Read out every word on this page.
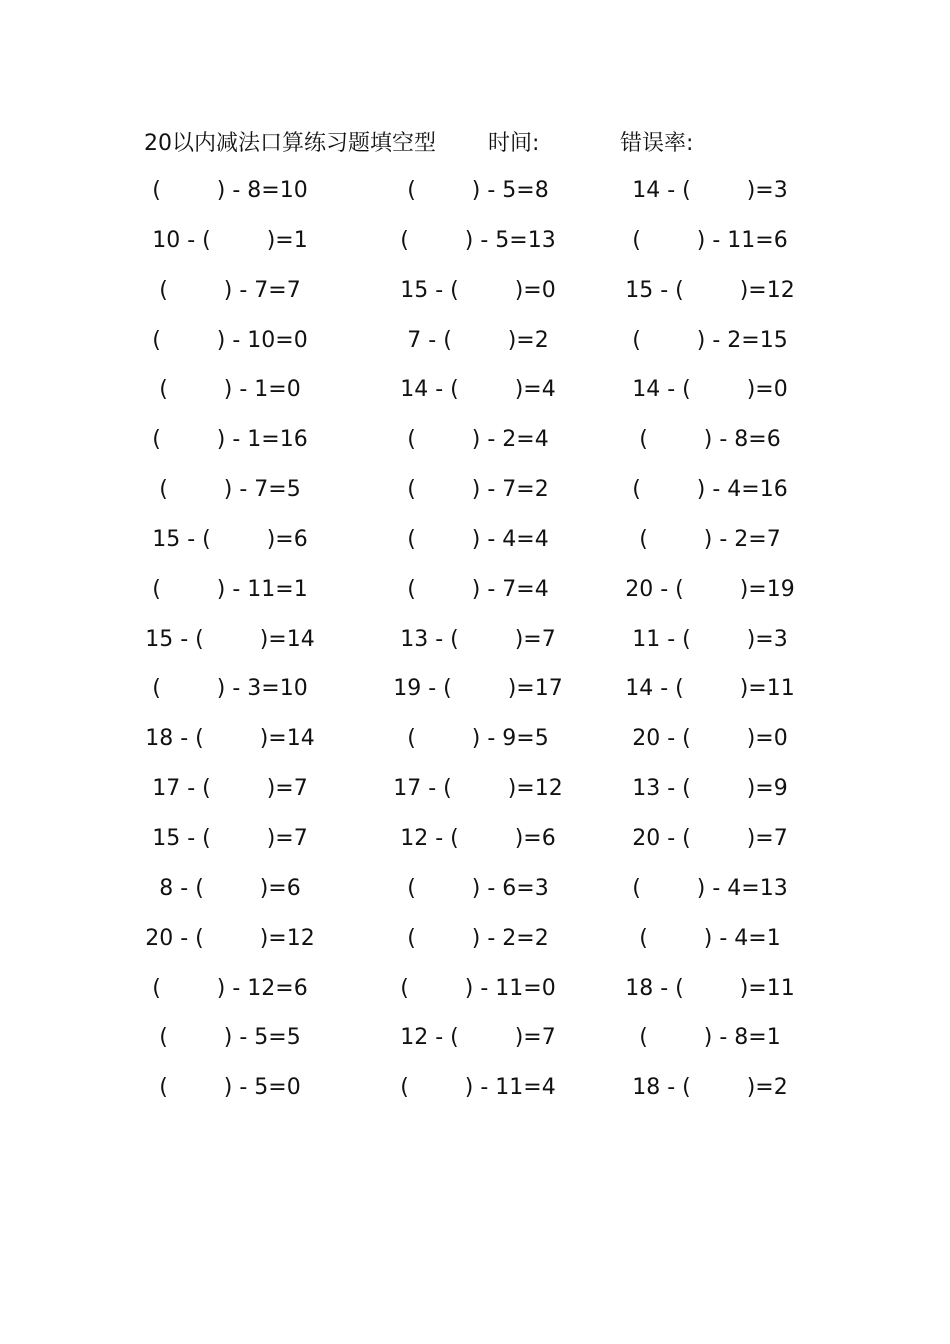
20以内减法口算练习题填空型 时间:	错误率:
(        ) - 8=10	(        ) - 5=8	14 - (        )=3
10 - (        )=1	(        ) - 5=13	(        ) - 11=6
(        ) - 7=7	15 - (        )=0	15 - (        )=12
(        ) - 10=0	7 - (        )=2	(        ) - 2=15
(        ) - 1=0	14 - (        )=4	14 - (        )=0
(        ) - 1=16	(        ) - 2=4	(        ) - 8=6
(        ) - 7=5	(        ) - 7=2	(        ) - 4=16
15 - (        )=6	(        ) - 4=4	(        ) - 2=7
(        ) - 11=1	(        ) - 7=4	20 - (        )=19
15 - (        )=14	13 - (        )=7	11 - (        )=3
(        ) - 3=10	19 - (        )=17	14 - (        )=11
18 - (        )=14	(        ) - 9=5	20 - (        )=0
17 - (        )=7	17 - (        )=12	13 - (        )=9
15 - (        )=7	12 - (        )=6	20 - (        )=7
8 - (        )=6	(        ) - 6=3	(        ) - 4=13
20 - (        )=12	(        ) - 2=2	(        ) - 4=1
(        ) - 12=6	(        ) - 11=0	18 - (        )=11
(        ) - 5=5	12 - (        )=7	(        ) - 8=1
(        ) - 5=0	(        ) - 11=4	18 - (        )=2
